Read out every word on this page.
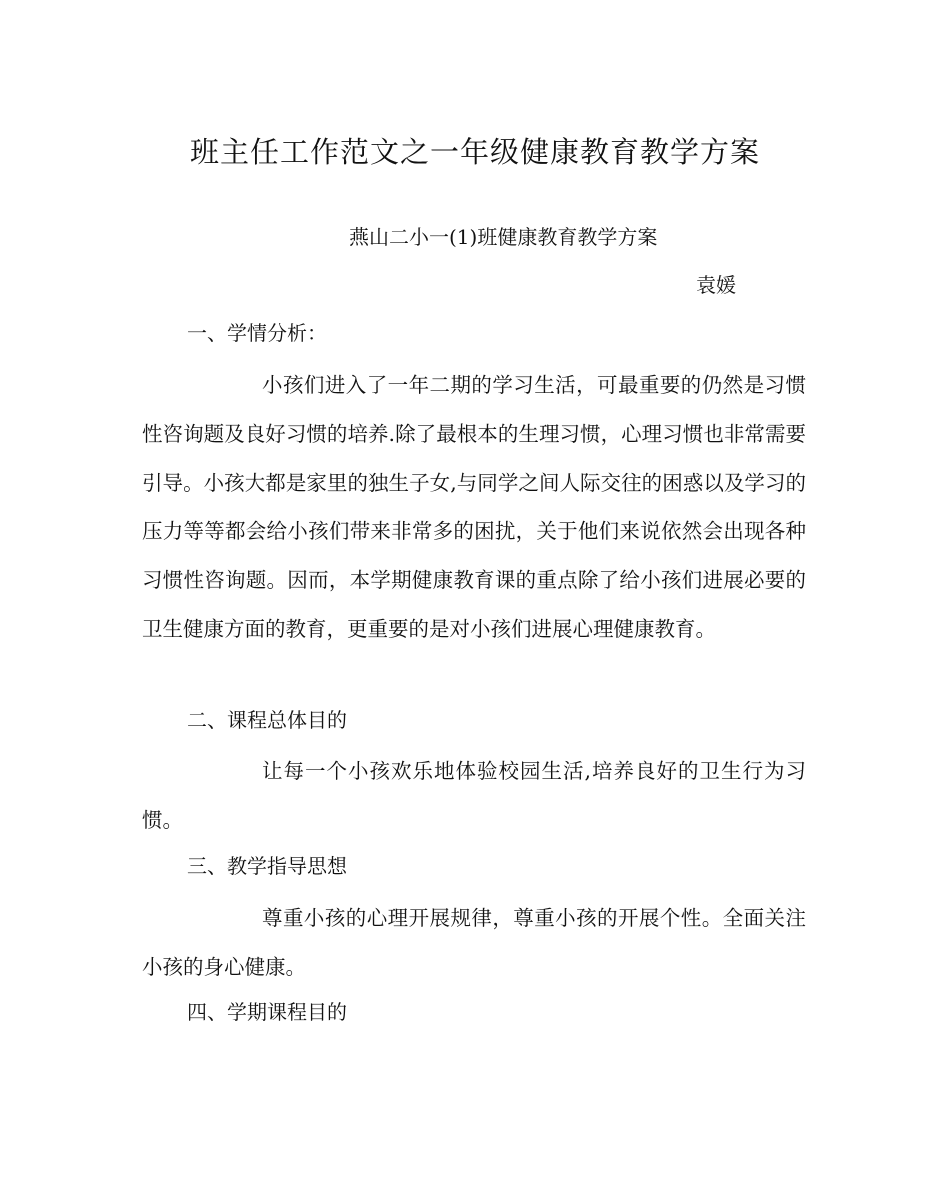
班主任工作范文之一年级健康教育教学方案
燕山二小一(1)班健康教育教学方案
袁媛
一、学情分析：
小孩们进入了一年二期的学习生活，可最重要的仍然是习惯性咨询题及良好习惯的培养.除了最根本的生理习惯，心理习惯也非常需要引导。小孩大都是家里的独生子女,与同学之间人际交往的困惑以及学习的压力等等都会给小孩们带来非常多的困扰，关于他们来说依然会出现各种习惯性咨询题。因而，本学期健康教育课的重点除了给小孩们进展必要的卫生健康方面的教育，更重要的是对小孩们进展心理健康教育。
二、课程总体目的
让每一个小孩欢乐地体验校园生活,培养良好的卫生行为习惯。
三、教学指导思想
尊重小孩的心理开展规律，尊重小孩的开展个性。全面关注小孩的身心健康。
四、学期课程目的
